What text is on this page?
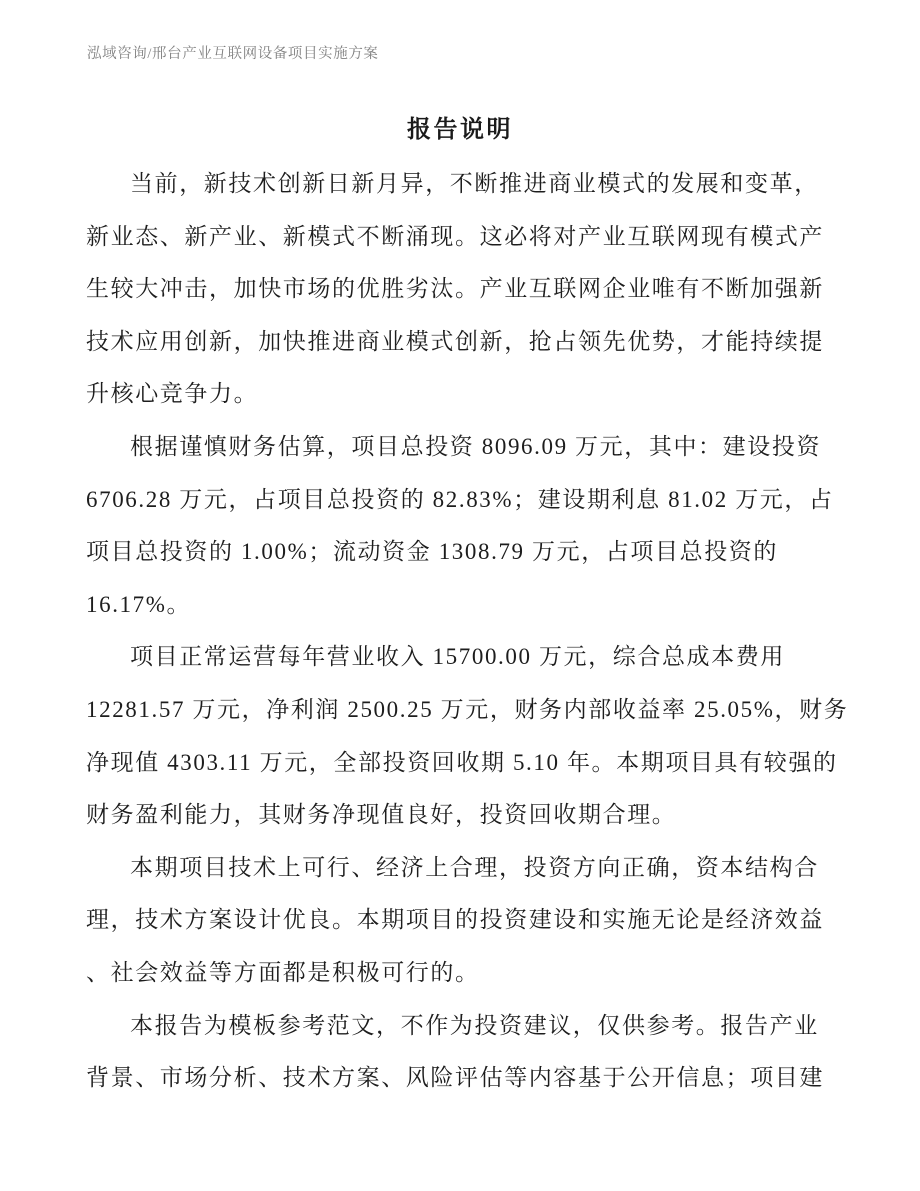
泓域咨询/邢台产业互联网设备项目实施方案
报告说明
当前，新技术创新日新月异，不断推进商业模式的发展和变革，
新业态、新产业、新模式不断涌现。这必将对产业互联网现有模式产
生较大冲击，加快市场的优胜劣汰。产业互联网企业唯有不断加强新
技术应用创新，加快推进商业模式创新，抢占领先优势，才能持续提
升核心竞争力。
根据谨慎财务估算，项目总投资 8096.09 万元，其中：建设投资
6706.28 万元，占项目总投资的 82.83%；建设期利息 81.02 万元，占
项目总投资的 1.00%；流动资金 1308.79 万元，占项目总投资的
16.17%。
项目正常运营每年营业收入 15700.00 万元，综合总成本费用
12281.57 万元，净利润 2500.25 万元，财务内部收益率 25.05%，财务
净现值 4303.11 万元，全部投资回收期 5.10 年。本期项目具有较强的
财务盈利能力，其财务净现值良好，投资回收期合理。
本期项目技术上可行、经济上合理，投资方向正确，资本结构合
理，技术方案设计优良。本期项目的投资建设和实施无论是经济效益
、社会效益等方面都是积极可行的。
本报告为模板参考范文，不作为投资建议，仅供参考。报告产业
背景、市场分析、技术方案、风险评估等内容基于公开信息；项目建
